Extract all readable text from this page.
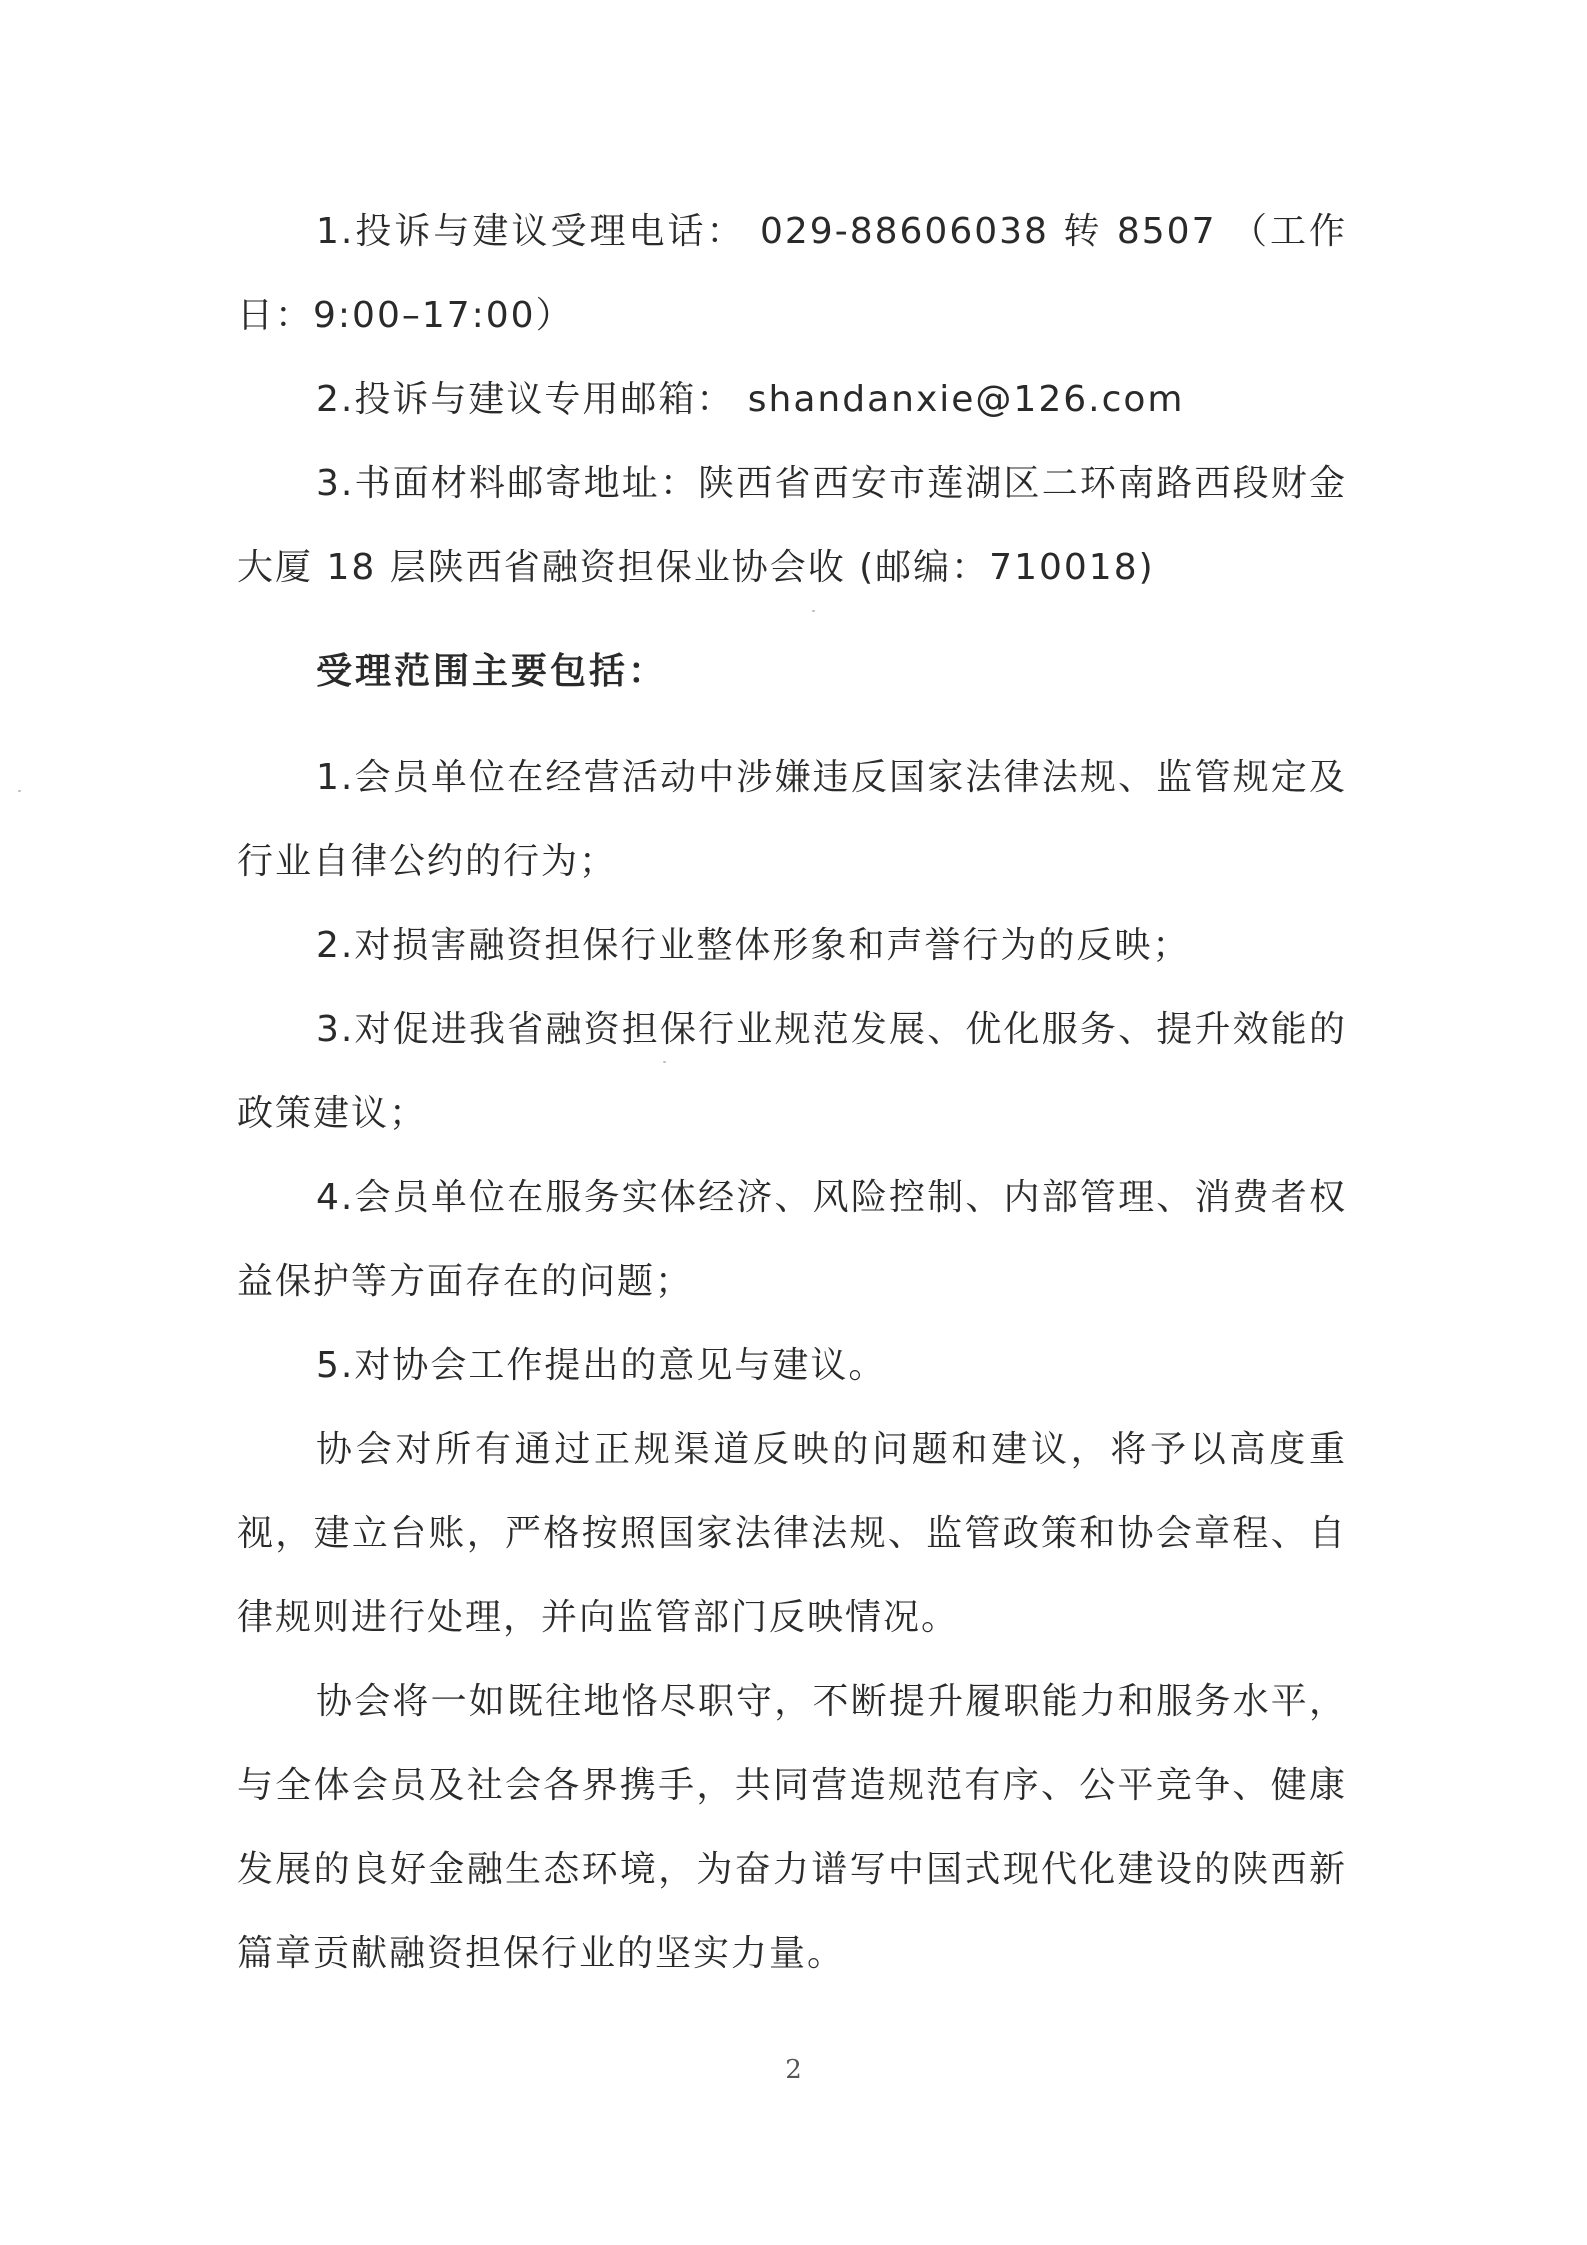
1.投诉与建议受理电话： 029-88606038 转 8507 （工作日：9:00–17:00）

2.投诉与建议专用邮箱： shandanxie@126.com

3.书面材料邮寄地址：陕西省西安市莲湖区二环南路西段财金大厦 18 层陕西省融资担保业协会收 (邮编：710018)

受理范围主要包括：

1.会员单位在经营活动中涉嫌违反国家法律法规、监管规定及行业自律公约的行为；

2.对损害融资担保行业整体形象和声誉行为的反映；

3.对促进我省融资担保行业规范发展、优化服务、提升效能的政策建议；

4.会员单位在服务实体经济、风险控制、内部管理、消费者权益保护等方面存在的问题；

5.对协会工作提出的意见与建议。

协会对所有通过正规渠道反映的问题和建议，将予以高度重视，建立台账，严格按照国家法律法规、监管政策和协会章程、自律规则进行处理，并向监管部门反映情况。

协会将一如既往地恪尽职守，不断提升履职能力和服务水平，与全体会员及社会各界携手，共同营造规范有序、公平竞争、健康发展的良好金融生态环境，为奋力谱写中国式现代化建设的陕西新篇章贡献融资担保行业的坚实力量。

2
